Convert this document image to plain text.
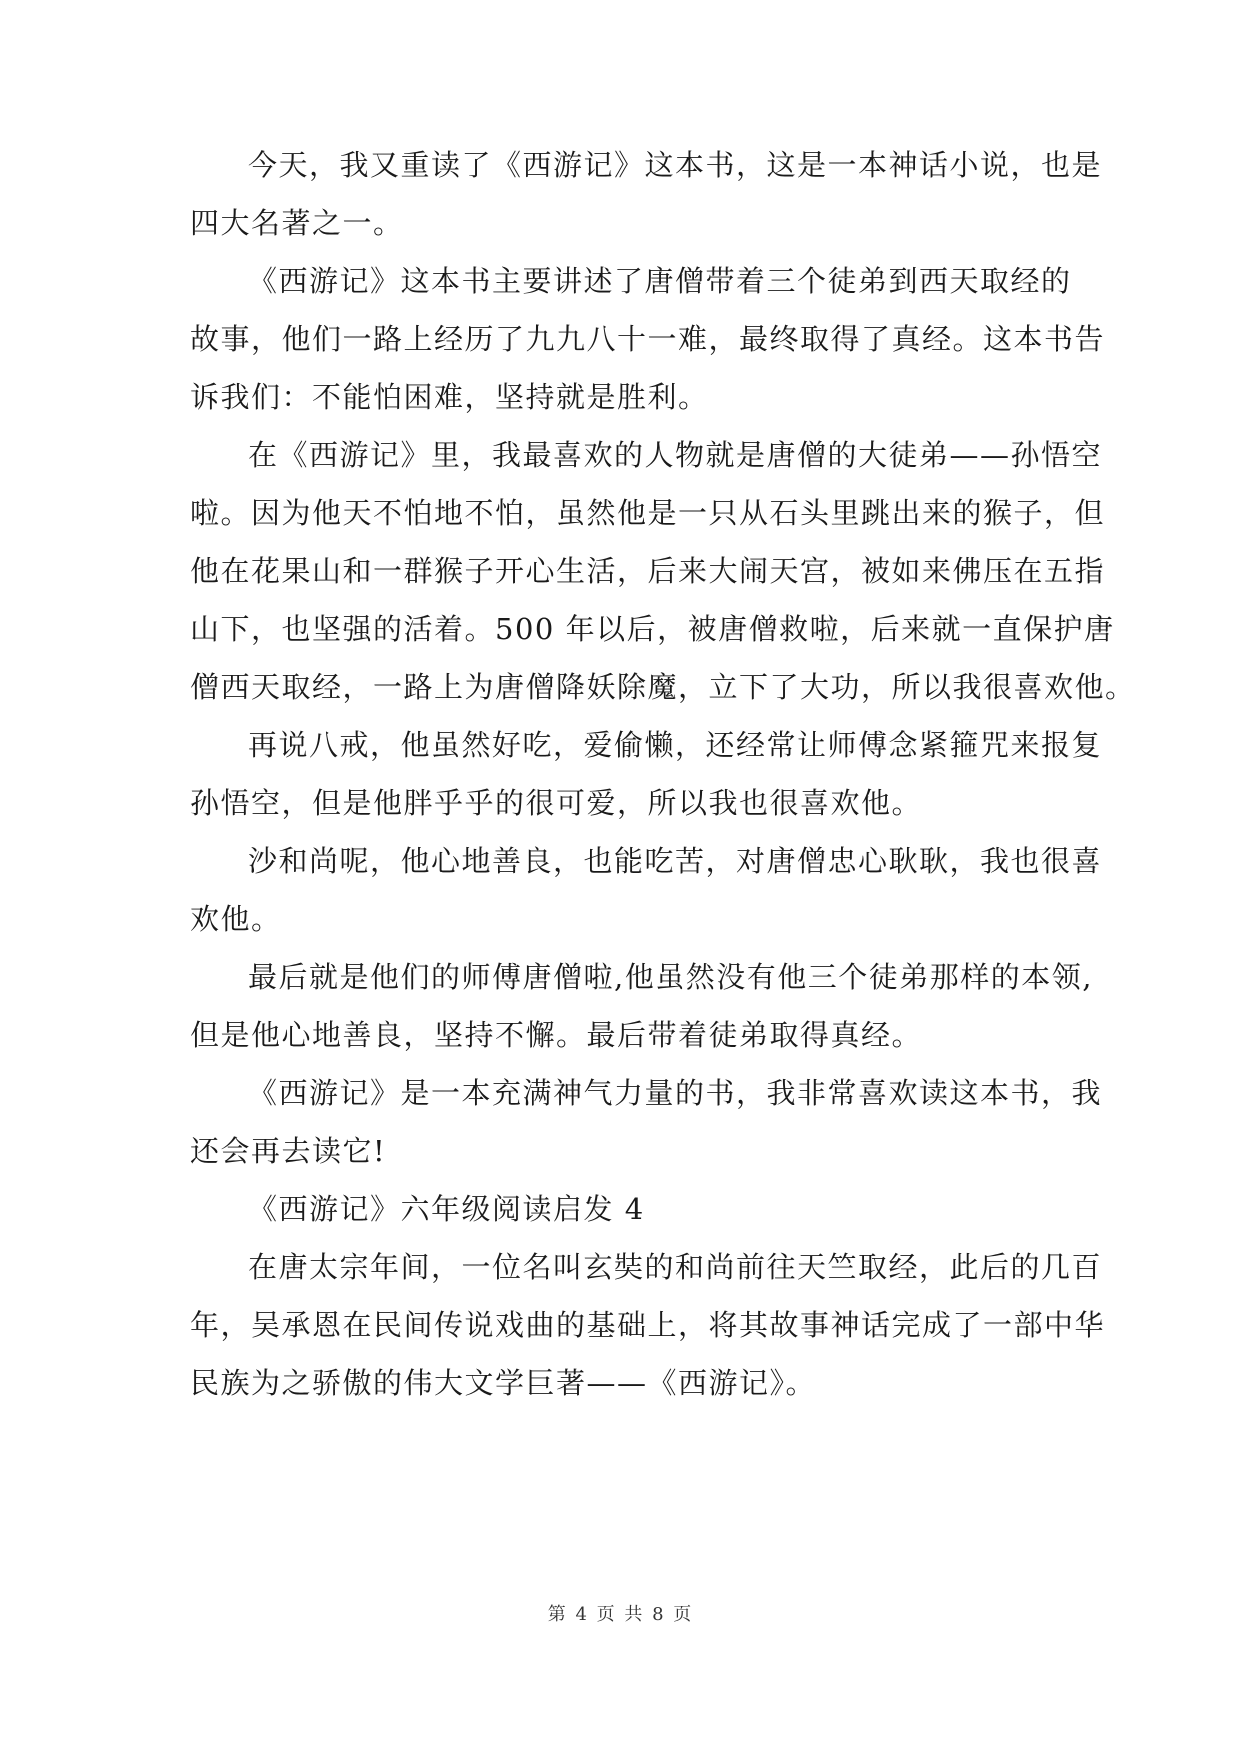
今天，我又重读了《西游记》这本书，这是一本神话小说，也是

四大名著之一。

《西游记》这本书主要讲述了唐僧带着三个徒弟到西天取经的

故事，他们一路上经历了九九八十一难，最终取得了真经。这本书告

诉我们：不能怕困难，坚持就是胜利。

在《西游记》里，我最喜欢的人物就是唐僧的大徒弟——孙悟空

啦。因为他天不怕地不怕，虽然他是一只从石头里跳出来的猴子，但

他在花果山和一群猴子开心生活，后来大闹天宫，被如来佛压在五指

山下，也坚强的活着。500 年以后，被唐僧救啦，后来就一直保护唐

僧西天取经，一路上为唐僧降妖除魔，立下了大功，所以我很喜欢他。

再说八戒，他虽然好吃，爱偷懒，还经常让师傅念紧箍咒来报复

孙悟空，但是他胖乎乎的很可爱，所以我也很喜欢他。

沙和尚呢，他心地善良，也能吃苦，对唐僧忠心耿耿，我也很喜

欢他。

最后就是他们的师傅唐僧啦,他虽然没有他三个徒弟那样的本领,

但是他心地善良，坚持不懈。最后带着徒弟取得真经。

《西游记》是一本充满神气力量的书，我非常喜欢读这本书，我

还会再去读它!

《西游记》六年级阅读启发 4

在唐太宗年间，一位名叫玄奘的和尚前往天竺取经，此后的几百

年，吴承恩在民间传说戏曲的基础上，将其故事神话完成了一部中华

民族为之骄傲的伟大文学巨著——《西游记》。

第 4 页 共 8 页
